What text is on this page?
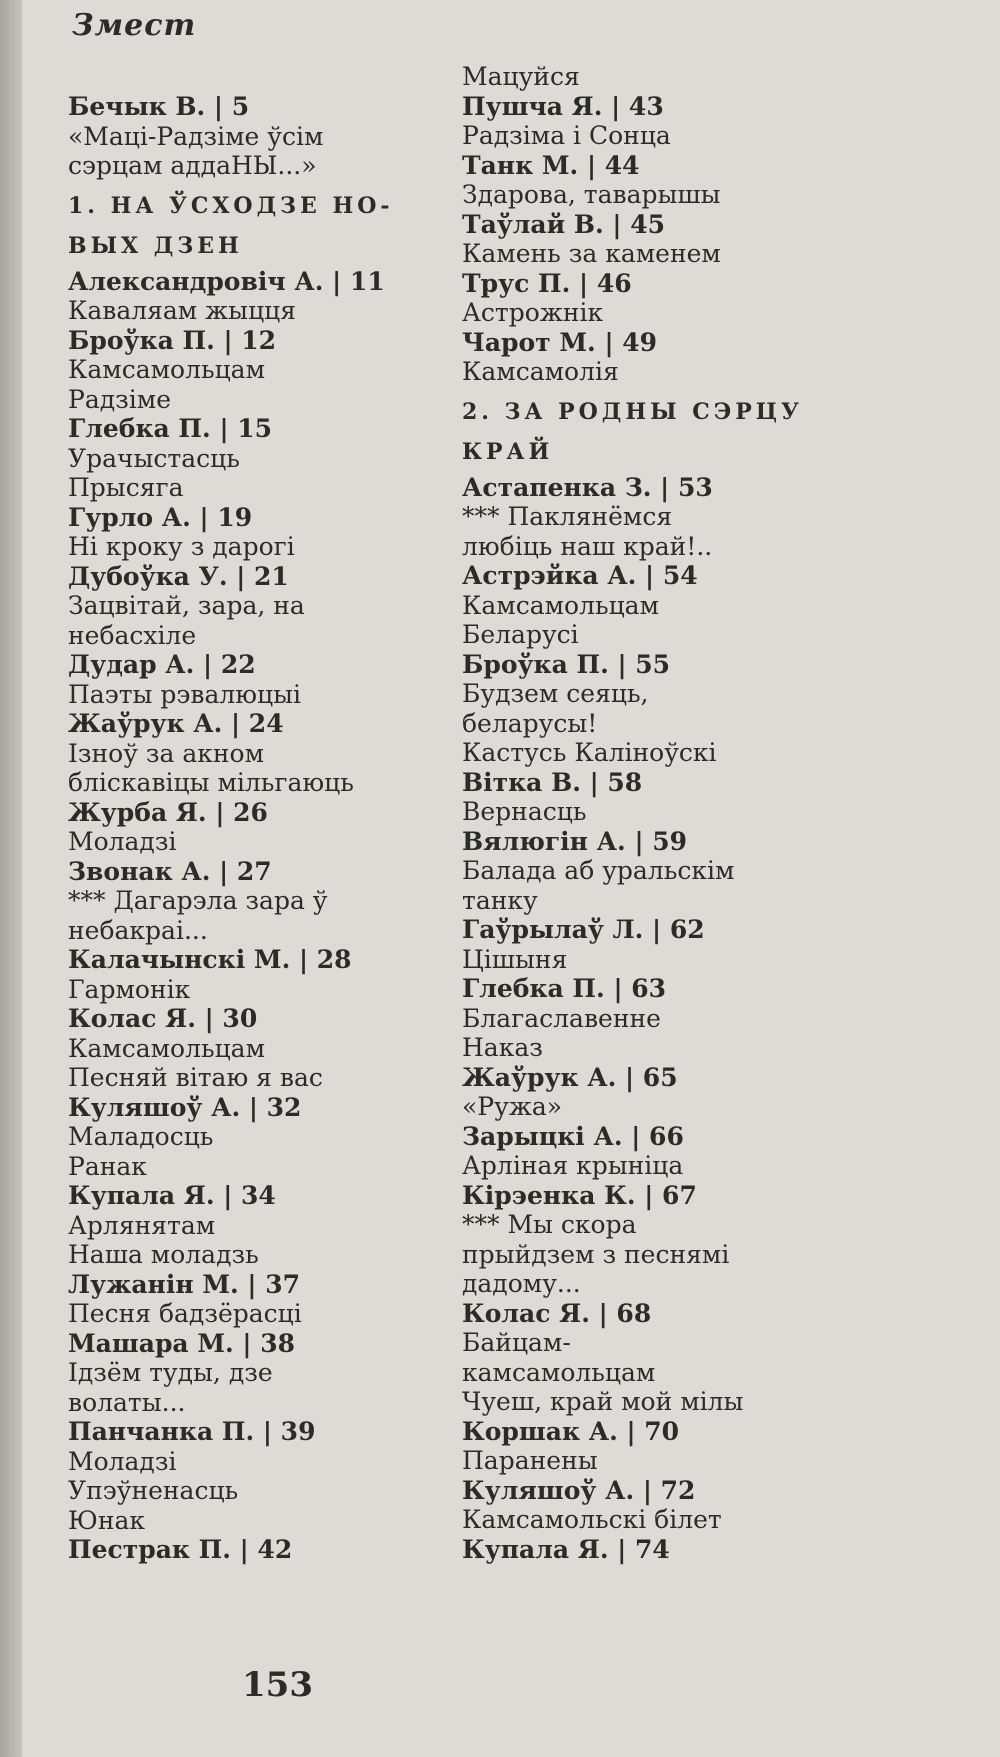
Змест
Бечык В. | 5
«Маці-Радзіме ўсім
сэрцам аддаНЫ...»
1. НА ЎСХОДЗЕ НО-
ВЫХ ДЗЕН
Александровіч А. | 11
Каваляам жыцця
Броўка П. | 12
Камсамольцам
Радзіме
Глебка П. | 15
Урачыстасць
Прысяга
Гурло А. | 19
Ні кроку з дарогі
Дубоўка У. | 21
Зацвітай, зара, на
небасхіле
Дудар А. | 22
Паэты рэвалюцыі
Жаўрук А. | 24
Ізноў за акном
бліскавіцы мільгаюць
Журба Я. | 26
Моладзі
Звонак А. | 27
*** Дагарэла зара ў
небакраі...
Калачынскі М. | 28
Гармонік
Колас Я. | 30
Камсамольцам
Песняй вітаю я вас
Куляшоў А. | 32
Маладосць
Ранак
Купала Я. | 34
Арлянятам
Наша моладзь
Лужанін М. | 37
Песня бадзёрасці
Машара М. | 38
Ідзём туды, дзе
волаты...
Панчанка П. | 39
Моладзі
Упэўненасць
Юнак
Пестрак П. | 42
Мацуйся
Пушча Я. | 43
Радзіма і Сонца
Танк М. | 44
Здарова, таварышы
Таўлай В. | 45
Камень за каменем
Трус П. | 46
Астрожнік
Чарот М. | 49
Камсамолія
2. ЗА РОДНЫ СЭРЦУ
КРАЙ
Астапенка З. | 53
*** Паклянёмся
любіць наш край!..
Астрэйка А. | 54
Камсамольцам
Беларусі
Броўка П. | 55
Будзем сеяць,
беларусы!
Кастусь Каліноўскі
Вітка В. | 58
Вернасць
Вялюгін А. | 59
Балада аб уральскім
танку
Гаўрылаў Л. | 62
Цішыня
Глебка П. | 63
Благаславенне
Наказ
Жаўрук А. | 65
«Ружа»
Зарыцкі А. | 66
Арліная крыніца
Кірэенка К. | 67
*** Мы скора
прыйдзем з песнямі
дадому...
Колас Я. | 68
Байцам-
камсамольцам
Чуеш, край мой мілы
Коршак А. | 70
Паранены
Куляшоў А. | 72
Камсамольскі білет
Купала Я. | 74
153
